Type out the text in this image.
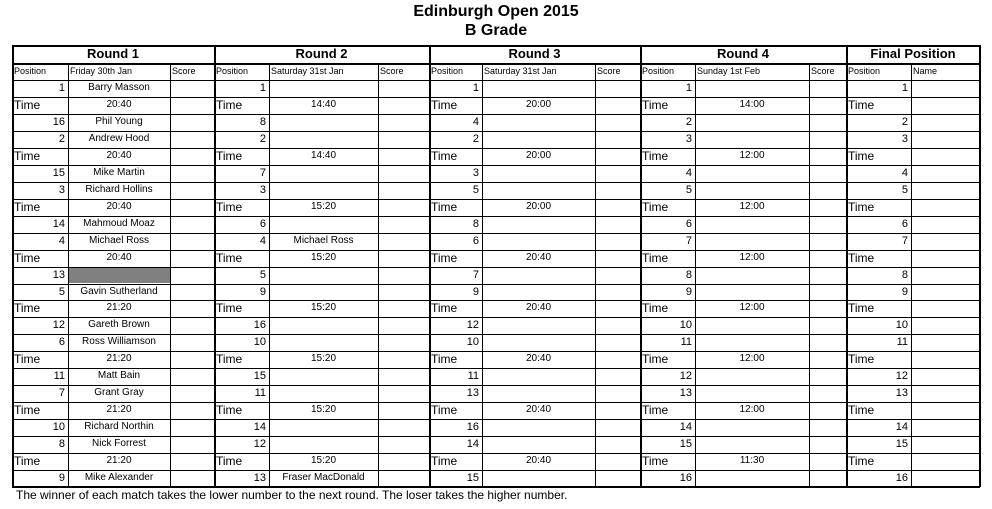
Edinburgh Open 2015
B Grade
Round 1
Position	Friday 30th Jan	Score
1	Barry Masson
Time	20:40
16	Phil Young
2	Andrew Hood
Time	20:40
15	Mike Martin
3	Richard Hollins
Time	20:40
14	Mahmoud Moaz
4	Michael Ross
Time	20:40
13
5	Gavin Sutherland
Time	21:20
12	Gareth Brown
6	Ross Williamson
Time	21:20
11	Matt Bain
7	Grant Gray
Time	21:20
10	Richard Northin
8	Nick Forrest
Time	21:20
9	Mike Alexander
Round 2
Position	Saturday 31st Jan	Score
1
Time	14:40
8
2
Time	14:40
7
3
Time	15:20
6
4	Michael Ross
Time	15:20
5
9
Time	15:20
16
10
Time	15:20
15
11
Time	15:20
14
12
Time	15:20
13	Fraser MacDonald
Round 3
Position	Saturday 31st Jan	Score
1
Time	20:00
4
2
Time	20:00
3
5
Time	20:00
8
6
Time	20:40
7
9
Time	20:40
12
10
Time	20:40
11
13
Time	20:40
16
14
Time	20:40
15
Round 4
Position	Sunday 1st Feb	Score
1
Time	14:00
2
3
Time	12:00
4
5
Time	12:00
6
7
Time	12:00
8
9
Time	12:00
10
11
Time	12:00
12
13
Time	12:00
14
15
Time	11:30
16
Final Position
Position	Name
1
Time
2
3
Time
4
5
Time
6
7
Time
8
9
Time
10
11
Time
12
13
Time
14
15
Time
16
The winner of each match takes the lower number to the next round. The loser takes the higher number.
